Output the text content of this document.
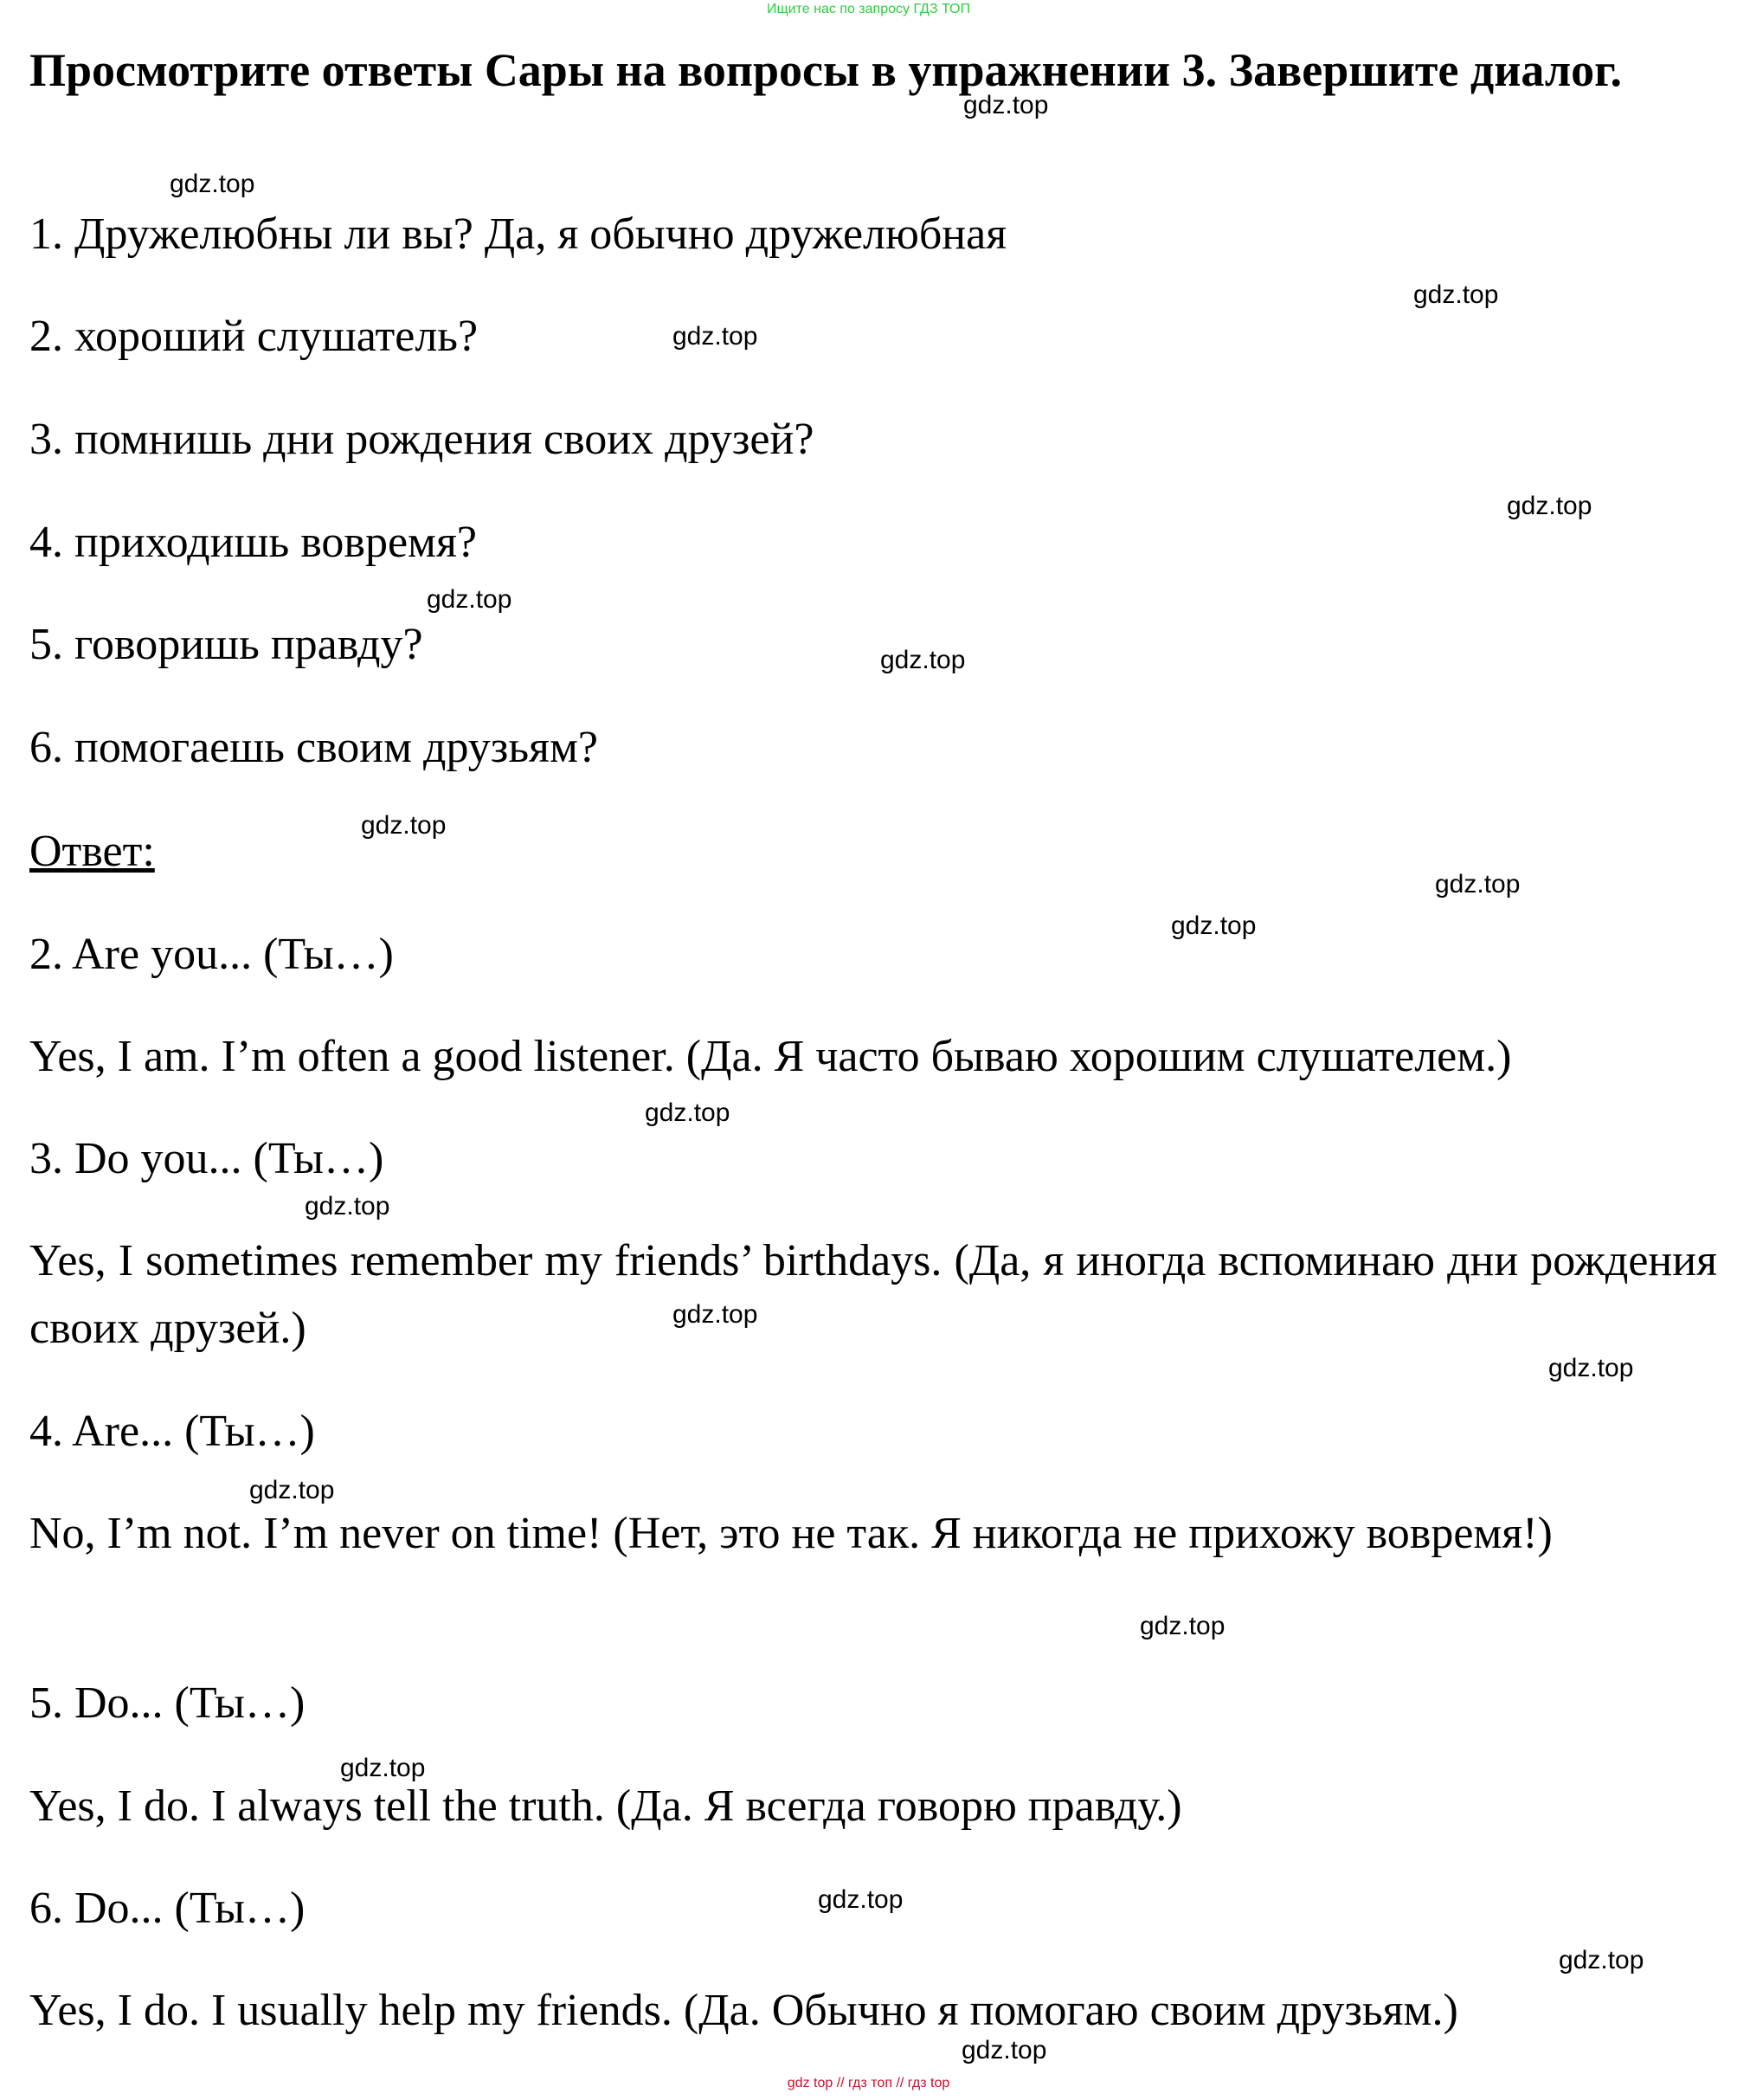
Ищите нас по запросу ГДЗ ТОП
Просмотрите ответы Сары на вопросы в упражнении 3. Завершите диалог.
1. Дружелюбны ли вы? Да, я обычно дружелюбная
2. хороший слушатель?
3. помнишь дни рождения своих друзей?
4. приходишь вовремя?
5. говоришь правду?
6. помогаешь своим друзьям?
Ответ:
2. Are you... (Ты…)
Yes, I am. I’m often a good listener. (Да. Я часто бываю хорошим слушателем.)
3. Do you... (Ты…)
Yes, I sometimes remember my friends’ birthdays. (Да, я иногда вспоминаю дни рождения своих друзей.)
4. Are... (Ты…)
No, I’m not. I’m never on time! (Нет, это не так. Я никогда не прихожу вовремя!)
5. Do... (Ты…)
Yes, I do. I always tell the truth. (Да. Я всегда говорю правду.)
6. Do... (Ты…)
Yes, I do. I usually help my friends. (Да. Обычно я помогаю своим друзьям.)
gdz.top
gdz.top
gdz.top
gdz.top
gdz.top
gdz.top
gdz.top
gdz.top
gdz.top
gdz.top
gdz.top
gdz.top
gdz.top
gdz.top
gdz.top
gdz.top
gdz.top
gdz.top
gdz.top
gdz.top
gdz top // гдз топ // гдз top
